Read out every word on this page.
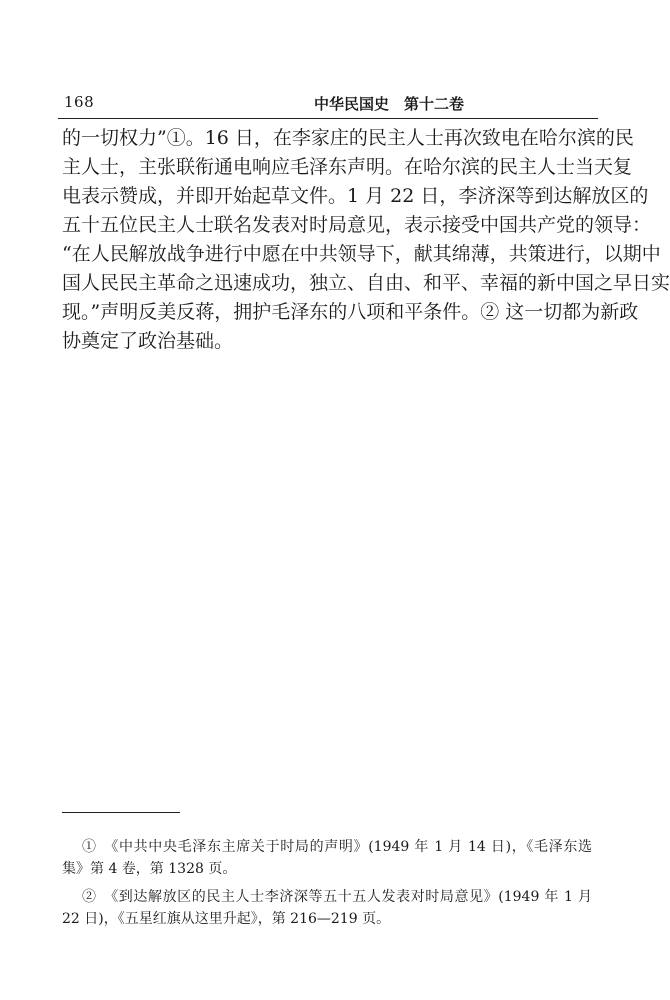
168	中华民国史　第十二卷
的一切权力”①。16 日，在李家庄的民主人士再次致电在哈尔滨的民
主人士，主张联衔通电响应毛泽东声明。在哈尔滨的民主人士当天复
电表示赞成，并即开始起草文件。1 月 22 日，李济深等到达解放区的
五十五位民主人士联名发表对时局意见，表示接受中国共产党的领导：
“在人民解放战争进行中愿在中共领导下，献其绵薄，共策进行，以期中
国人民民主革命之迅速成功，独立、自由、和平、幸福的新中国之早日实
现。”声明反美反蒋，拥护毛泽东的八项和平条件。② 这一切都为新政
协奠定了政治基础。
①　《中共中央毛泽东主席关于时局的声明》(1949 年 1 月 14 日)，《毛泽东选
集》第 4 卷，第 1328 页。
②　《到达解放区的民主人士李济深等五十五人发表对时局意见》(1949 年 1 月
22 日)，《五星红旗从这里升起》，第 216—219 页。
